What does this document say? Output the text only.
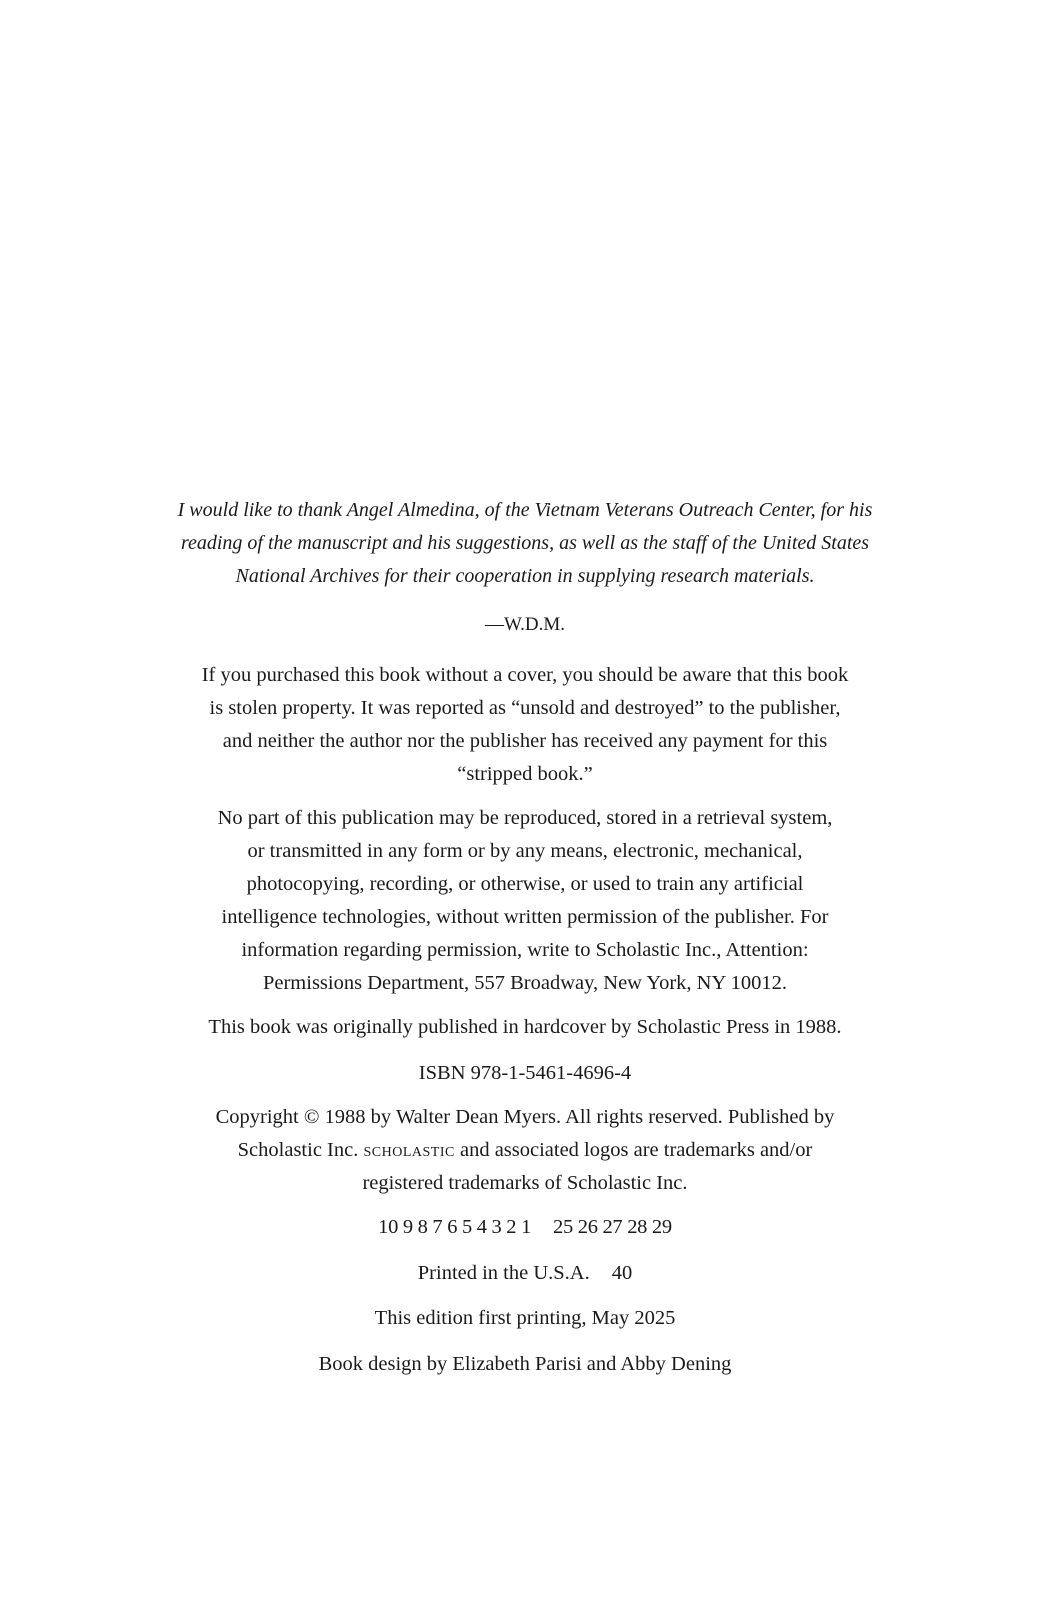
I would like to thank Angel Almedina, of the Vietnam Veterans Outreach Center, for his
reading of the manuscript and his suggestions, as well as the staff of the United States
National Archives for their cooperation in supplying research materials.
—W.D.M.
If you purchased this book without a cover, you should be aware that this book
is stolen property. It was reported as “unsold and destroyed” to the publisher,
and neither the author nor the publisher has received any payment for this
“stripped book.”
No part of this publication may be reproduced, stored in a retrieval system,
or transmitted in any form or by any means, electronic, mechanical,
photocopying, recording, or otherwise, or used to train any artificial
intelligence technologies, without written permission of the publisher. For
information regarding permission, write to Scholastic Inc., Attention:
Permissions Department, 557 Broadway, New York, NY 10012.
This book was originally published in hardcover by Scholastic Press in 1988.
ISBN 978-1-5461-4696-4
Copyright © 1988 by Walter Dean Myers. All rights reserved. Published by
Scholastic Inc. scholastic and associated logos are trademarks and/or
registered trademarks of Scholastic Inc.
10 9 8 7 6 5 4 3 2 1 25 26 27 28 29
Printed in the U.S.A. 40
This edition first printing, May 2025
Book design by Elizabeth Parisi and Abby Dening
